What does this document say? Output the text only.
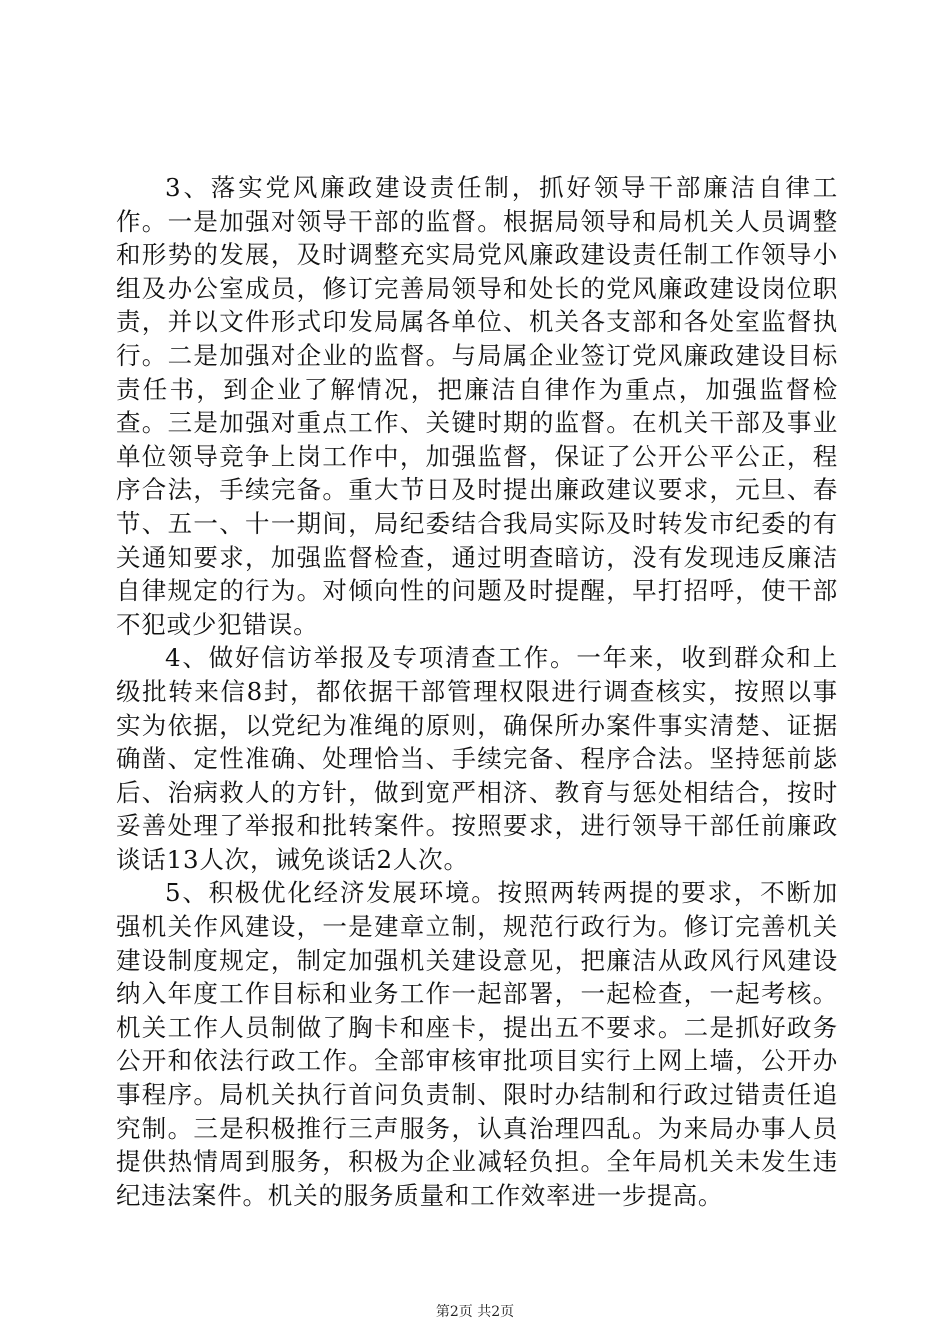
3、落实党风廉政建设责任制，抓好领导干部廉洁自律工作。一是加强对领导干部的监督。根据局领导和局机关人员调整和形势的发展，及时调整充实局党风廉政建设责任制工作领导小组及办公室成员，修订完善局领导和处长的党风廉政建设岗位职责，并以文件形式印发局属各单位、机关各支部和各处室监督执行。二是加强对企业的监督。与局属企业签订党风廉政建设目标责任书，到企业了解情况，把廉洁自律作为重点，加强监督检查。三是加强对重点工作、关键时期的监督。在机关干部及事业单位领导竞争上岗工作中，加强监督，保证了公开公平公正，程序合法，手续完备。重大节日及时提出廉政建议要求，元旦、春节、五一、十一期间，局纪委结合我局实际及时转发市纪委的有关通知要求，加强监督检查，通过明查暗访，没有发现违反廉洁自律规定的行为。对倾向性的问题及时提醒，早打招呼，使干部不犯或少犯错误。

4、做好信访举报及专项清查工作。一年来，收到群众和上级批转来信8封，都依据干部管理权限进行调查核实，按照以事实为依据，以党纪为准绳的原则，确保所办案件事实清楚、证据确凿、定性准确、处理恰当、手续完备、程序合法。坚持惩前毖后、治病救人的方针，做到宽严相济、教育与惩处相结合，按时妥善处理了举报和批转案件。按照要求，进行领导干部任前廉政谈话13人次，诫免谈话2人次。

5、积极优化经济发展环境。按照两转两提的要求，不断加强机关作风建设，一是建章立制，规范行政行为。修订完善机关建设制度规定，制定加强机关建设意见，把廉洁从政风行风建设纳入年度工作目标和业务工作一起部署，一起检查，一起考核。机关工作人员制做了胸卡和座卡，提出五不要求。二是抓好政务公开和依法行政工作。全部审核审批项目实行上网上墙，公开办事程序。局机关执行首问负责制、限时办结制和行政过错责任追究制。三是积极推行三声服务，认真治理四乱。为来局办事人员提供热情周到服务，积极为企业减轻负担。全年局机关未发生违纪违法案件。机关的服务质量和工作效率进一步提高。

第2页 共2页
